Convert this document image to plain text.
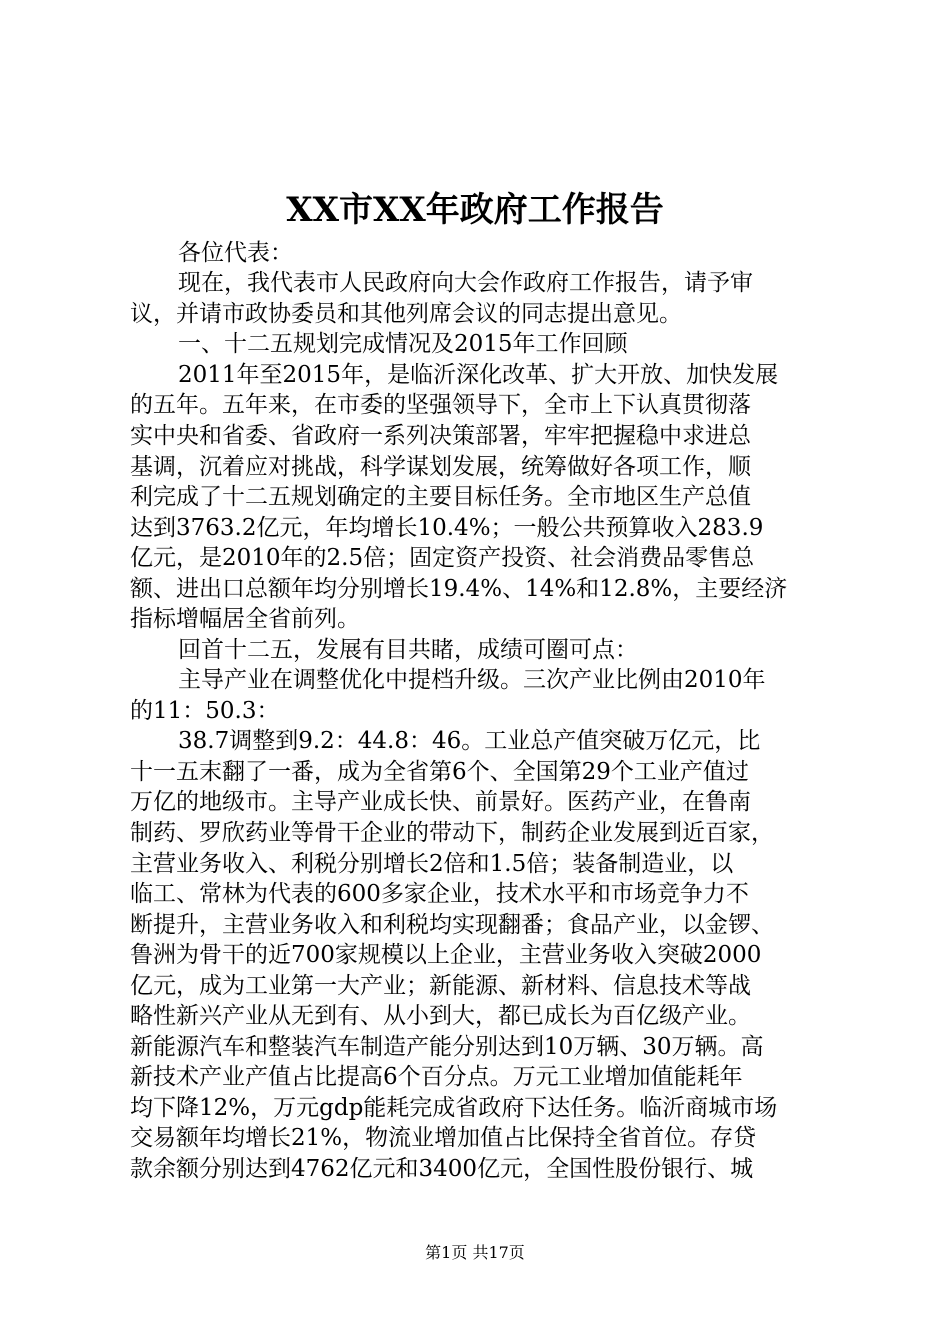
XX市XX年政府工作报告

各位代表：

现在，我代表市人民政府向大会作政府工作报告，请予审

议，并请市政协委员和其他列席会议的同志提出意见。

一、十二五规划完成情况及2015年工作回顾

2011年至2015年，是临沂深化改革、扩大开放、加快发展

的五年。五年来，在市委的坚强领导下，全市上下认真贯彻落

实中央和省委、省政府一系列决策部署，牢牢把握稳中求进总

基调，沉着应对挑战，科学谋划发展，统筹做好各项工作，顺

利完成了十二五规划确定的主要目标任务。全市地区生产总值

达到3763.2亿元，年均增长10.4%；一般公共预算收入283.9

亿元，是2010年的2.5倍；固定资产投资、社会消费品零售总

额、进出口总额年均分别增长19.4%、14%和12.8%，主要经济

指标增幅居全省前列。

回首十二五，发展有目共睹，成绩可圈可点：

主导产业在调整优化中提档升级。三次产业比例由2010年

的11：50.3：

38.7调整到9.2：44.8：46。工业总产值突破万亿元，比

十一五末翻了一番，成为全省第6个、全国第29个工业产值过

万亿的地级市。主导产业成长快、前景好。医药产业，在鲁南

制药、罗欣药业等骨干企业的带动下，制药企业发展到近百家，

主营业务收入、利税分别增长2倍和1.5倍；装备制造业，以

临工、常林为代表的600多家企业，技术水平和市场竞争力不

断提升，主营业务收入和利税均实现翻番；食品产业，以金锣、

鲁洲为骨干的近700家规模以上企业，主营业务收入突破2000

亿元，成为工业第一大产业；新能源、新材料、信息技术等战

略性新兴产业从无到有、从小到大，都已成长为百亿级产业。

新能源汽车和整装汽车制造产能分别达到10万辆、30万辆。高

新技术产业产值占比提高6个百分点。万元工业增加值能耗年

均下降12%，万元gdp能耗完成省政府下达任务。临沂商城市场

交易额年均增长21%，物流业增加值占比保持全省首位。存贷

款余额分别达到4762亿元和3400亿元，全国性股份银行、城

第1页 共17页
